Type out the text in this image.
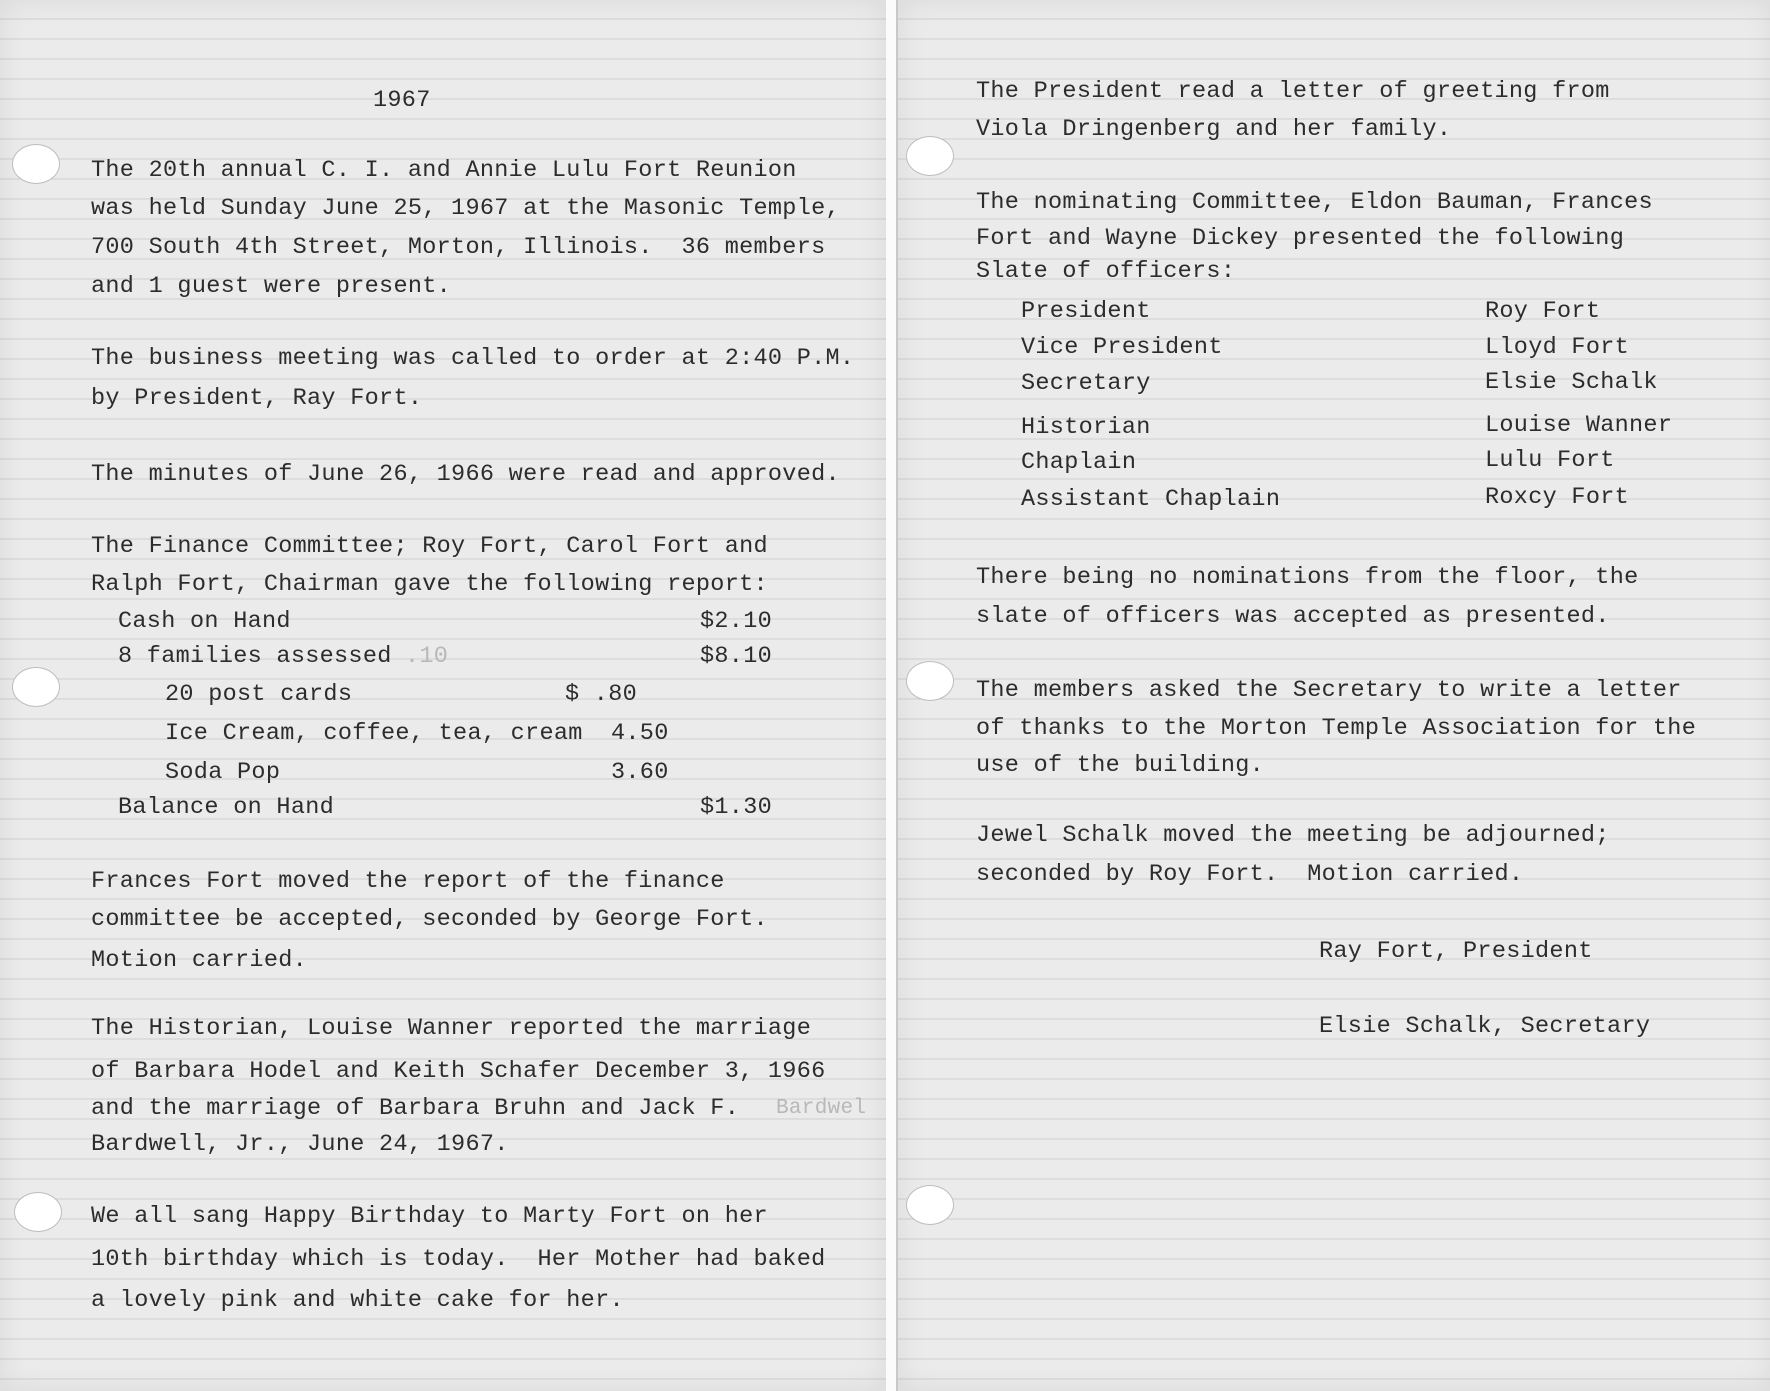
1967
The 20th annual C. I. and Annie Lulu Fort Reunion
was held Sunday June 25, 1967 at the Masonic Temple,
700 South 4th Street, Morton, Illinois.  36 members
and 1 guest were present.
The business meeting was called to order at 2:40 P.M.
by President, Ray Fort.
The minutes of June 26, 1966 were read and approved.
The Finance Committee; Roy Fort, Carol Fort and
Ralph Fort, Chairman gave the following report:
Cash on Hand	$2.10
8 families assessed .10	$8.10
20 post cards	$ .80
Ice Cream, coffee, tea, cream 4.50
Soda Pop	3.60
Balance on Hand	$1.30
Frances Fort moved the report of the finance
committee be accepted, seconded by George Fort.
Motion carried.
The Historian, Louise Wanner reported the marriage
of Barbara Hodel and Keith Schafer December 3, 1966
and the marriage of Barbara Bruhn and Jack F. Bardwel
Bardwell, Jr., June 24, 1967.
We all sang Happy Birthday to Marty Fort on her
10th birthday which is today.  Her Mother had baked
a lovely pink and white cake for her.
The President read a letter of greeting from
Viola Dringenberg and her family.
The nominating Committee, Eldon Bauman, Frances
Fort and Wayne Dickey presented the following
Slate of officers:
President	Roy Fort
Vice President	Lloyd Fort
Secretary	Elsie Schalk
Historian	Louise Wanner
Chaplain	Lulu Fort
Assistant Chaplain	Roxcy Fort
There being no nominations from the floor, the
slate of officers was accepted as presented.
The members asked the Secretary to write a letter
of thanks to the Morton Temple Association for the
use of the building.
Jewel Schalk moved the meeting be adjourned;
seconded by Roy Fort.  Motion carried.
Ray Fort, President
Elsie Schalk, Secretary
